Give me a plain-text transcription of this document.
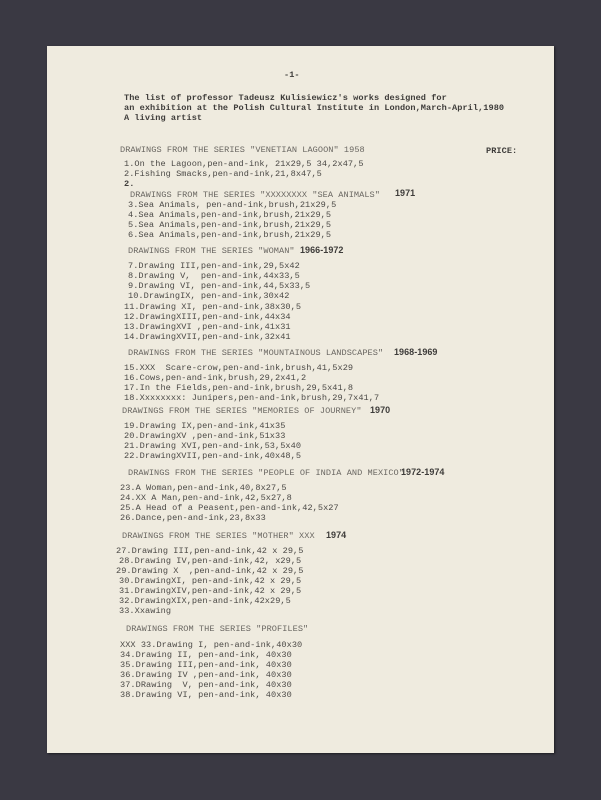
-1-
The list of professor Tadeusz Kulisiewicz's works designed for
an exhibition at the Polish Cultural Institute in London,March-April,1980
A living artist
PRICE:
DRAWINGS FROM THE SERIES "VENETIAN LAGOON" 1958
1.On the Lagoon,pen-and-ink, 21x29,5 34,2x47,5
2.Fishing Smacks,pen-and-ink,21,8x47,5
2.
DRAWINGS FROM THE SERIES "XXXXXXXX "SEA ANIMALS" 1971
3.Sea Animals, pen-and-ink,brush,21x29,5
4.Sea Animals,pen-and-ink,brush,21x29,5
5.Sea Animals,pen-and-ink,brush,21x29,5
6.Sea Animals,pen-and-ink,brush,21x29,5
DRAWINGS FROM THE SERIES "WOMAN" 1966-1972
7.Drawing III,pen-and-ink,29,5x42
8.Drawing V,  pen-and-ink,44x33,5
9.Drawing VI, pen-and-ink,44,5x33,5
10.DrawingIX, pen-and-ink,30x42
11.Drawing XI, pen-and-ink,38x30,5
12.DrawingXIII,pen-and-ink,44x34
13.DrawingXVI ,pen-and-ink,41x31
14.DrawingXVII,pen-and-ink,32x41
DRAWINGS FROM THE SERIES "MOUNTAINOUS LANDSCAPES" 1968-1969
15.XXX  Scare-crow,pen-and-ink,brush,41,5x29
16.Cows,pen-and-ink,brush,29,2x41,2
17.In the Fields,pen-and-ink,brush,29,5x41,8
18.Xxxxxxxx: Junipers,pen-and-ink,brush,29,7x41,7
DRAWINGS FROM THE SERIES "MEMORIES OF JOURNEY" 1970
19.Drawing IX,pen-and-ink,41x35
20.DrawingXV ,pen-and-ink,51x33
21.Drawing XVI,pen-and-ink,53,5x40
22.DrawingXVII,pen-and-ink,40x48,5
DRAWINGS FROM THE SERIES "PEOPLE OF INDIA AND MEXICO"
1972-1974
23.A Woman,pen-and-ink,40,8x27,5
24.XX A Man,pen-and-ink,42,5x27,8
25.A Head of a Peasent,pen-and-ink,42,5x27
26.Dance,pen-and-ink,23,8x33
DRAWINGS FROM THE SERIES "MOTHER" XXX 1974
27.Drawing III,pen-and-ink,42 x 29,5
28.Drawing IV,pen-and-ink,42, x29,5
29.Drawing X  ,pen-and-ink,42 x 29,5
30.DrawingXI, pen-and-ink,42 x 29,5
31.DrawingXIV,pen-and-ink,42 x 29,5
32.DrawingXIX,pen-and-ink,42x29,5
33.Xxawing
DRAWINGS FROM THE SERIES "PROFILES"
XXX 33.Drawing I, pen-and-ink,40x30
34.Drawing II, pen-and-ink, 40x30
35.Drawing III,pen-and-ink, 40x30
36.Drawing IV ,pen-and-ink, 40x30
37.DRawing  V, pen-and-ink, 40x30
38.Drawing VI, pen-and-ink, 40x30
